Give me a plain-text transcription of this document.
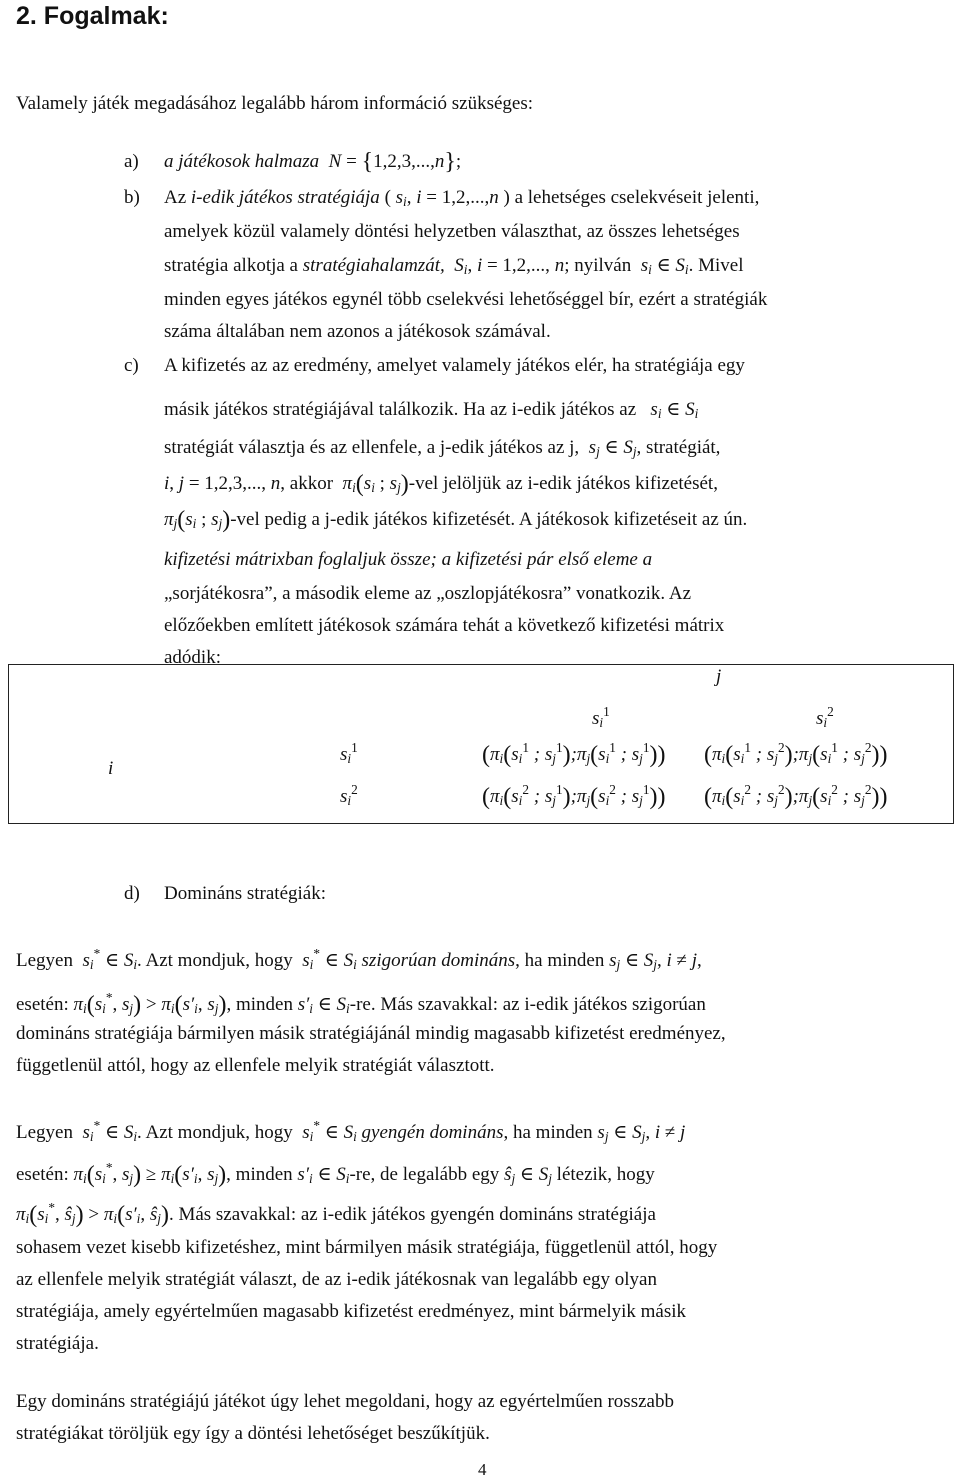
2. Fogalmak:
Valamely játék megadásához legalább három információ szükséges:
a) a játékosok halmaza N = {1,2,3,...,n};
b) Az i-edik játékos stratégiája ( $s_i$, i = 1,2,...,n ) a lehetséges cselekvéseit jelenti,
amelyek közül valamely döntési helyzetben választhat, az összes lehetséges
stratégia alkotja a stratégiahalamzát, $S_i$, i = 1,2,..., n; nyilván $s_i$ ∈ $S_i$. Mivel
minden egyes játékos egynél több cselekvési lehetőséggel bír, ezért a stratégiák
száma általában nem azonos a játékosok számával.
c) A kifizetés az az eredmény, amelyet valamely játékos elér, ha stratégiája egy
másik játékos stratégiájával találkozik. Ha az i-edik játékos az $s_i$ ∈ $S_i$
stratégiát választja és az ellenfele, a j-edik játékos az j, $s_j$ ∈ $S_j$, stratégiát,
i, j = 1,2,3,..., n, akkor $\pi_i(s_i$ ; $s_j$)-vel jelöljük az i-edik játékos kifizetését,
$\pi_j(s_i$ ; $s_j$)-vel pedig a j-edik játékos kifizetését. A játékosok kifizetéseit az ún.
kifizetési mátrixban foglaljuk össze; a kifizetési pár első eleme a
„sorjátékosra”, a második eleme az „oszlopjátékosra” vonatkozik. Az
előzőekben említett játékosok számára tehát a következő kifizetési mátrix
adódik:
j
i
$s_i^1$	$s_i^2$
$s_i^1$
$s_i^2$
($\pi_i(s_i^1$ ; $s_j^1);\pi_j(s_i^1$ ; $s_j^1$)) ($\pi_i(s_i^1$ ; $s_j^2);\pi_j(s_i^1$ ; $s_j^2$))
($\pi_i(s_i^2$ ; $s_j^1);\pi_j(s_i^2$ ; $s_j^1$)) ($\pi_i(s_i^2$ ; $s_j^2);\pi_j(s_i^2$ ; $s_j^2$))
d) Domináns stratégiák:
Legyen $s_i^*$ ∈ $S_i$. Azt mondjuk, hogy $s_i^*$ ∈ $S_i$ szigorúan domináns, ha minden $s_j$ ∈ $S_j$, i ≠ j,
esetén: $\pi_i(s_i^*$, $s_j) > \pi_i(s'_i$, $s_j$), minden $s'_i$ ∈ $S_i-re$. Más szavakkal: az i-edik játékos szigorúan
domináns stratégiája bármilyen másik stratégiájánál mindig magasabb kifizetést eredményez,
függetlenül attól, hogy az ellenfele melyik stratégiát választott.
Legyen $s_i^*$ ∈ $S_i$. Azt mondjuk, hogy $s_i^*$ ∈ $S_i$ gyengén domináns, ha minden $s_j$ ∈ $S_j$, i ≠ j
esetén: $\pi_i(s_i^*$, $s_j) \ge \pi_i(s'_i$, $s_j$), minden $s'_i$ ∈ $S_i-re$, de legalább egy $ŝ_j$ ∈ $S_j$ létezik, hogy
$\pi_i(s_i^*$, $ŝ_j) > \pi_i(s'_i$, $ŝ_j$). Más szavakkal: az i-edik játékos gyengén domináns stratégiája
sohasem vezet kisebb kifizetéshez, mint bármilyen másik stratégiája, függetlenül attól, hogy
az ellenfele melyik stratégiát választ, de az i-edik játékosnak van legalább egy olyan
stratégiája, amely egyértelműen magasabb kifizetést eredményez, mint bármelyik másik
stratégiája.
Egy domináns stratégiájú játékot úgy lehet megoldani, hogy az egyértelműen rosszabb
stratégiákat töröljük egy így a döntési lehetőséget beszűkítjük.
4
